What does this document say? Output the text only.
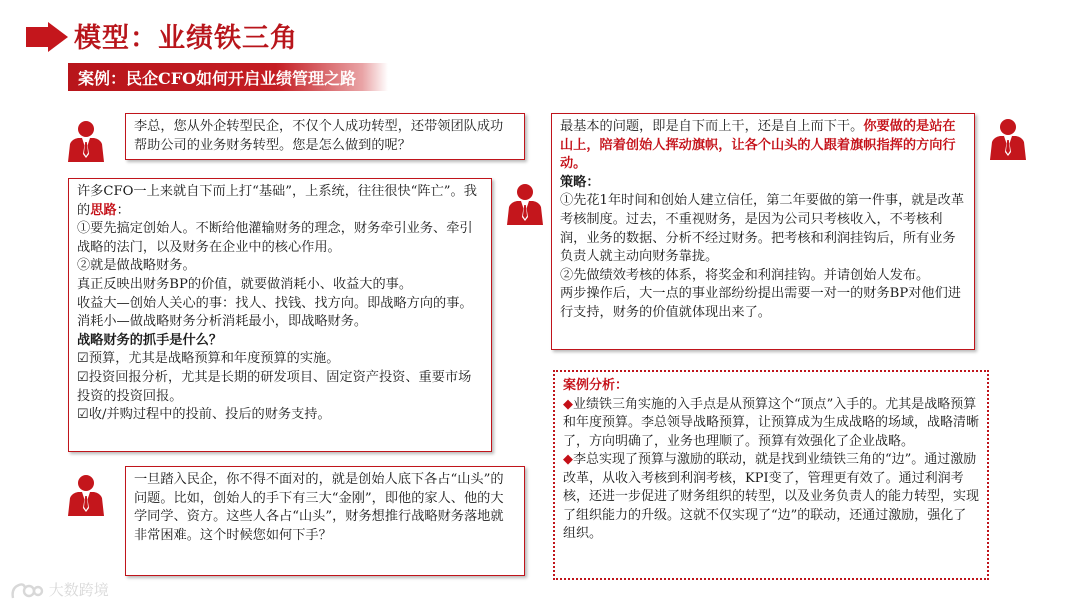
模型：业绩铁三角
案例：民企CFO如何开启业绩管理之路

李总，您从外企转型民企，不仅个人成功转型，还带领团队成功帮助公司的业务财务转型。您是怎么做到的呢？

许多CFO一上来就自下而上打“基础”，上系统，往往很快“阵亡”。我的思路：

①要先搞定创始人。不断给他灌输财务的理念，财务牵引业务、牵引战略的法门，以及财务在企业中的核心作用。

②就是做战略财务。

真正反映出财务BP的价值，就要做消耗小、收益大的事。

收益大—创始人关心的事：找人、找钱、找方向。即战略方向的事。

消耗小—做战略财务分析消耗最小，即战略财务。

战略财务的抓手是什么？

☑预算，尤其是战略预算和年度预算的实施。

☑投资回报分析，尤其是长期的研发项目、固定资产投资、重要市场投资的投资回报。

☑收/并购过程中的投前、投后的财务支持。

一旦踏入民企，你不得不面对的，就是创始人底下各占“山头”的问题。比如，创始人的手下有三大“金刚”，即他的家人、他的大学同学、资方。这些人各占“山头”，财务想推行战略财务落地就非常困难。这个时候您如何下手？

最基本的问题，即是自下而上干，还是自上而下干。你要做的是站在山上，陪着创始人挥动旗帜，让各个山头的人跟着旗帜指挥的方向行动。

策略：

①先花1年时间和创始人建立信任，第二年要做的第一件事，就是改革考核制度。过去，不重视财务，是因为公司只考核收入，不考核利润，业务的数据、分析不经过财务。把考核和利润挂钩后，所有业务负责人就主动向财务靠拢。

②先做绩效考核的体系，将奖金和利润挂钩。并请创始人发布。

两步操作后，大一点的事业部纷纷提出需要一对一的财务BP对他们进行支持，财务的价值就体现出来了。

案例分析：

◆业绩铁三角实施的入手点是从预算这个“顶点”入手的。尤其是战略预算和年度预算。李总领导战略预算，让预算成为生成战略的场域，战略清晰了，方向明确了，业务也理顺了。预算有效强化了企业战略。

◆李总实现了预算与激励的联动，就是找到业绩铁三角的“边”。通过激励改革，从收入考核到利润考核，KPI变了，管理更有效了。通过利润考核，还进一步促进了财务组织的转型，以及业务负责人的能力转型，实现了组织能力的升级。这就不仅实现了“边”的联动，还通过激励，强化了组织。

大数跨境
